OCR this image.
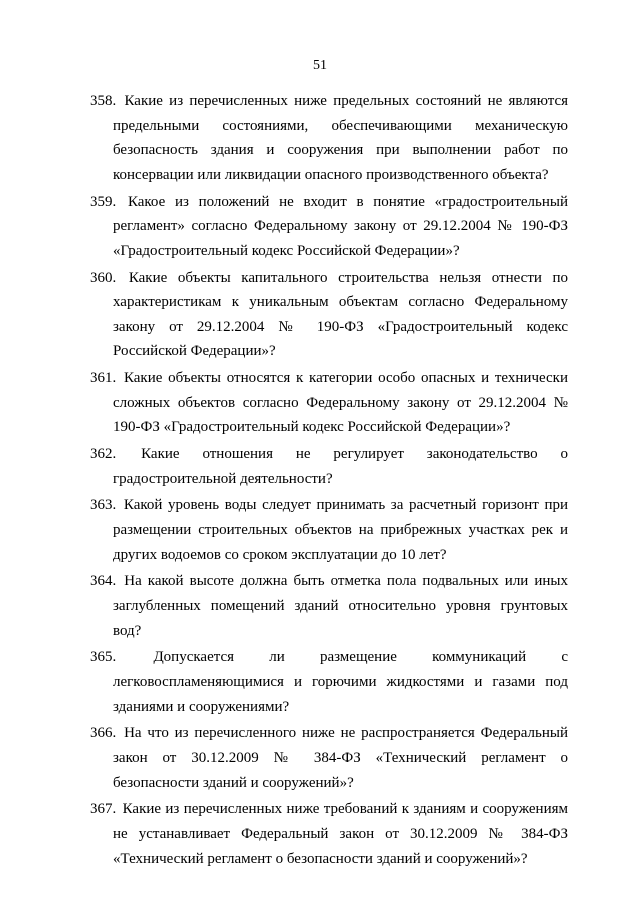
51
358. Какие из перечисленных ниже предельных состояний не являются предельными состояниями, обеспечивающими механическую безопасность здания и сооружения при выполнении работ по консервации или ликвидации опасного производственного объекта?
359. Какое из положений не входит в понятие «градостроительный регламент» согласно Федеральному закону от 29.12.2004 № 190-ФЗ «Градостроительный кодекс Российской Федерации»?
360. Какие объекты капитального строительства нельзя отнести по характеристикам к уникальным объектам согласно Федеральному закону от 29.12.2004 № 190-ФЗ «Градостроительный кодекс Российской Федерации»?
361. Какие объекты относятся к категории особо опасных и технически сложных объектов согласно Федеральному закону от 29.12.2004 № 190-ФЗ «Градостроительный кодекс Российской Федерации»?
362. Какие отношения не регулирует законодательство о градостроительной деятельности?
363. Какой уровень воды следует принимать за расчетный горизонт при размещении строительных объектов на прибрежных участках рек и других водоемов со сроком эксплуатации до 10 лет?
364. На какой высоте должна быть отметка пола подвальных или иных заглубленных помещений зданий относительно уровня грунтовых вод?
365. Допускается ли размещение коммуникаций с легковоспламеняющимися и горючими жидкостями и газами под зданиями и сооружениями?
366. На что из перечисленного ниже не распространяется Федеральный закон от 30.12.2009 № 384-ФЗ «Технический регламент о безопасности зданий и сооружений»?
367. Какие из перечисленных ниже требований к зданиям и сооружениям не устанавливает Федеральный закон от 30.12.2009 № 384-ФЗ «Технический регламент о безопасности зданий и сооружений»?
